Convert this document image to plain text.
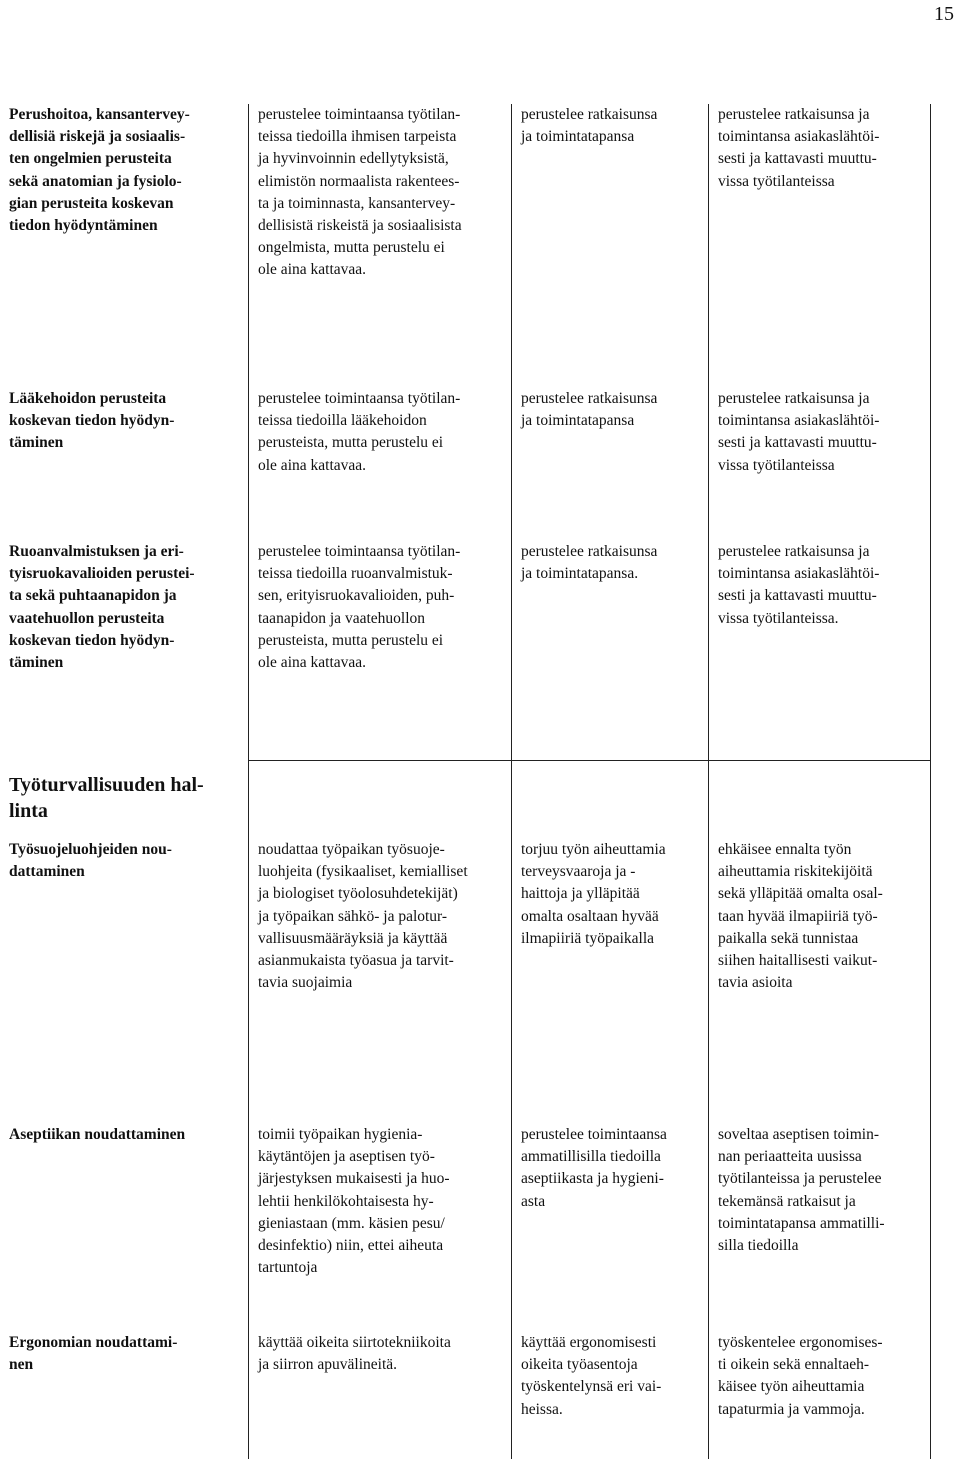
15

Perushoitoa, kansantervey-
dellisiä riskejä ja sosiaalis-
ten ongelmien perusteita
sekä anatomian ja fysiolo-
gian perusteita koskevan
tiedon hyödyntäminen

perustelee toimintaansa työtilan-
teissa tiedoilla ihmisen tarpeista
ja hyvinvoinnin edellytyksistä,
elimistön normaalista rakentees-
ta ja toiminnasta, kansantervey-
dellisistä riskeistä ja sosiaalisista
ongelmista, mutta perustelu ei
ole aina kattavaa.

perustelee ratkaisunsa
ja toimintatapansa

perustelee ratkaisunsa ja
toimintansa asiakaslähtöi-
sesti ja kattavasti muuttu-
vissa työtilanteissa

Lääkehoidon perusteita
koskevan tiedon hyödyn-
täminen

perustelee toimintaansa työtilan-
teissa tiedoilla lääkehoidon
perusteista, mutta perustelu ei
ole aina kattavaa.

perustelee ratkaisunsa
ja toimintatapansa

perustelee ratkaisunsa ja
toimintansa asiakaslähtöi-
sesti ja kattavasti muuttu-
vissa työtilanteissa

Ruoanvalmistuksen ja eri-
tyisruokavalioiden perustei-
ta sekä puhtaanapidon ja
vaatehuollon perusteita
koskevan tiedon hyödyn-
täminen

perustelee toimintaansa työtilan-
teissa tiedoilla ruoanvalmistuk-
sen, erityisruokavalioiden, puh-
taanapidon ja vaatehuollon
perusteista, mutta perustelu ei
ole aina kattavaa.

perustelee ratkaisunsa
ja toimintatapansa.

perustelee ratkaisunsa ja
toimintansa asiakaslähtöi-
sesti ja kattavasti muuttu-
vissa työtilanteissa.

Työturvallisuuden hal-
linta

Työsuojeluohjeiden nou-
dattaminen

noudattaa työpaikan työsuoje-
luohjeita (fysikaaliset, kemialliset
ja biologiset työolosuhdetekijät)
ja työpaikan sähkö- ja palotur-
vallisuusmääräyksiä ja käyttää
asianmukaista työasua ja tarvit-
tavia suojaimia

torjuu työn aiheuttamia
terveysvaaroja ja -
haittoja ja ylläpitää
omalta osaltaan hyvää
ilmapiiriä työpaikalla

ehkäisee ennalta työn
aiheuttamia riskitekijöitä
sekä ylläpitää omalta osal-
taan hyvää ilmapiiriä työ-
paikalla sekä tunnistaa
siihen haitallisesti vaikut-
tavia asioita

Aseptiikan noudattaminen	toimii työpaikan hygienia-
käytäntöjen ja aseptisen työ-
järjestyksen mukaisesti ja huo-
lehtii henkilökohtaisesta hy-
gieniastaan (mm. käsien pesu/
desinfektio) niin, ettei aiheuta
tartuntoja

perustelee toimintaansa
ammatillisilla tiedoilla
aseptiikasta ja hygieni-
asta

soveltaa aseptisen toimin-
nan periaatteita uusissa
työtilanteissa ja perustelee
tekemänsä ratkaisut ja
toimintatapansa ammatilli-
silla tiedoilla

Ergonomian noudattami-
nen

käyttää oikeita siirtotekniikoita
ja siirron apuvälineitä.

käyttää ergonomisesti
oikeita työasentoja
työskentelynsä eri vai-
heissa.

työskentelee ergonomises-
ti oikein sekä ennaltaeh-
käisee työn aiheuttamia
tapaturmia ja vammoja.
